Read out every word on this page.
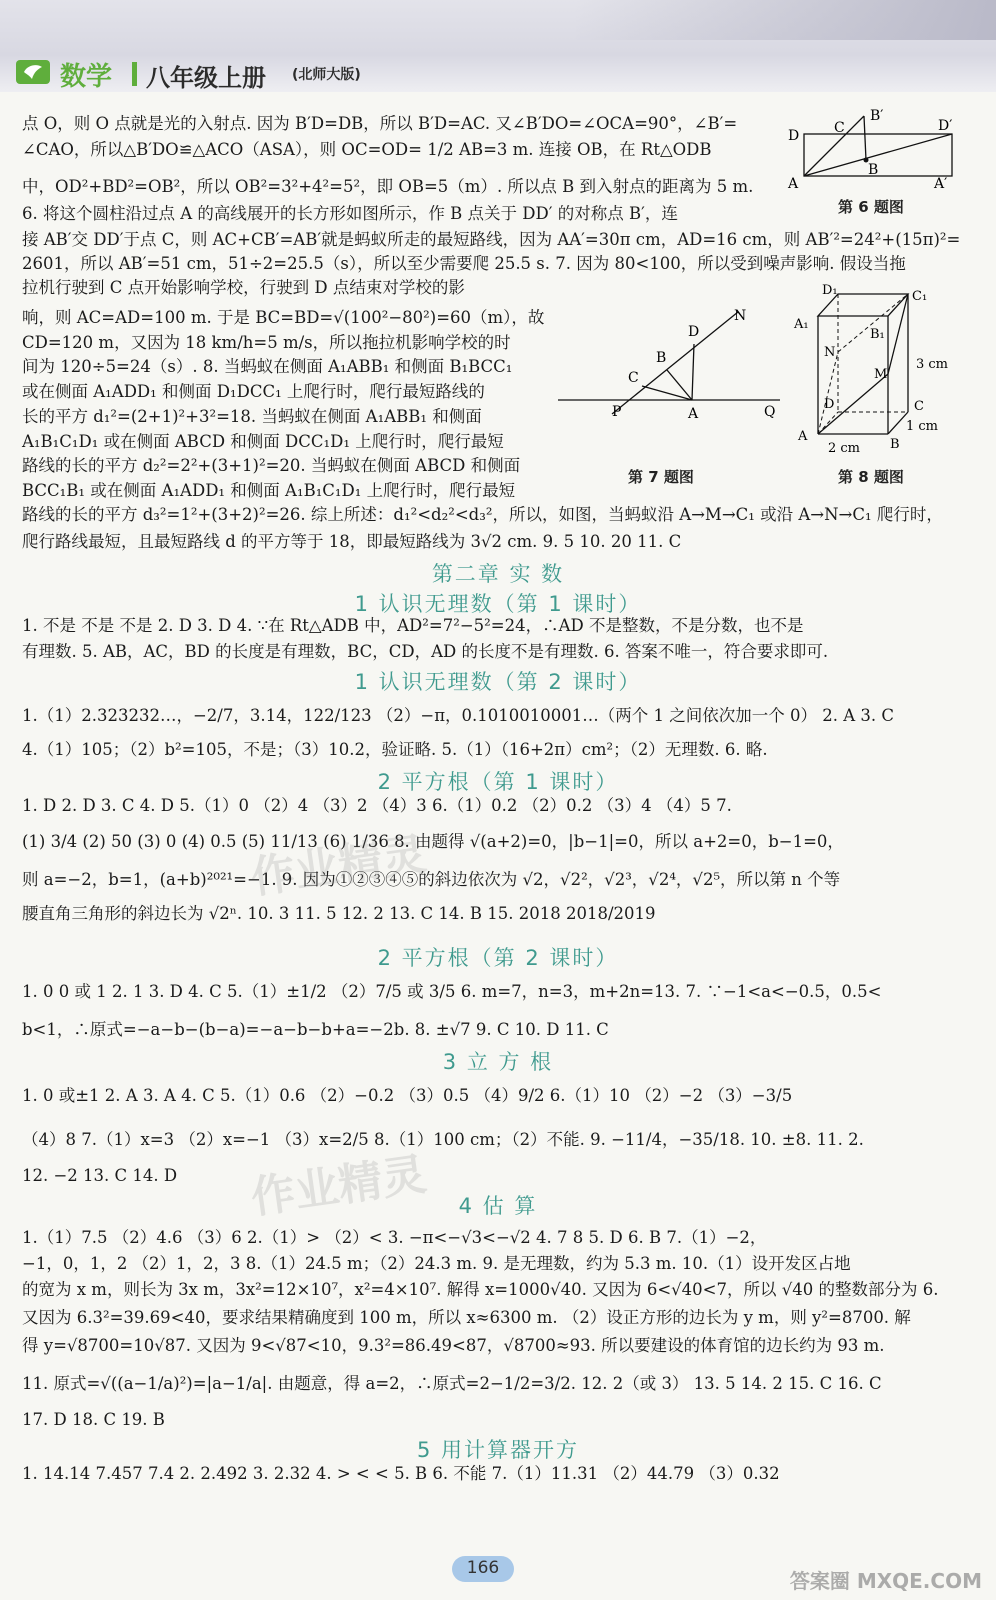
数学 八年级上册 (北师大版)
点 O，则 O 点就是光的入射点. 因为 B′D=DB，所以 B′D=AC. 又∠B′DO=∠OCA=90°，∠B′=
∠CAO，所以△B′DO≌△ACO（ASA），则 OC=OD= 1/2 AB=3 m. 连接 OB，在 Rt△ODB
中，OD²+BD²=OB²，所以 OB²=3²+4²=5²，即 OB=5（m）. 所以点 B 到入射点的距离为 5 m.
6. 将这个圆柱沿过点 A 的高线展开的长方形如图所示，作 B 点关于 DD′ 的对称点 B′，连
接 AB′交 DD′于点 C，则 AC+CB′=AB′就是蚂蚁所走的最短路线，因为 AA′=30π cm，AD=16 cm，则 AB′²=24²+(15π)²=
2601，所以 AB′=51 cm，51÷2=25.5（s），所以至少需要爬 25.5 s. 7. 因为 80<100，所以受到噪声影响. 假设当拖
拉机行驶到 C 点开始影响学校，行驶到 D 点结束对学校的影
响，则 AC=AD=100 m. 于是 BC=BD=√(100²−80²)=60（m），故
CD=120 m，又因为 18 km/h=5 m/s，所以拖拉机影响学校的时
间为 120÷5=24（s）. 8. 当蚂蚁在侧面 A₁ABB₁ 和侧面 B₁BCC₁
或在侧面 A₁ADD₁ 和侧面 D₁DCC₁ 上爬行时，爬行最短路线的
长的平方 d₁²=(2+1)²+3²=18. 当蚂蚁在侧面 A₁ABB₁ 和侧面
A₁B₁C₁D₁ 或在侧面 ABCD 和侧面 DCC₁D₁ 上爬行时，爬行最短
路线的长的平方 d₂²=2²+(3+1)²=20. 当蚂蚁在侧面 ABCD 和侧面
BCC₁B₁ 或在侧面 A₁ADD₁ 和侧面 A₁B₁C₁D₁ 上爬行时，爬行最短
路线的长的平方 d₃²=1²+(3+2)²=26. 综上所述：d₁²<d₂²<d₃²，所以，如图，当蚂蚁沿 A→M→C₁ 或沿 A→N→C₁ 爬行时，
爬行路线最短，且最短路线 d 的平方等于 18，即最短路线为 3√2 cm. 9. 5 10. 20 11. C
D C
B′
B
D′
A	A′
第 6 题图
N
D
B
C
P	A	Q
第 7 题图
D₁	C₁
A₁
B₁
N
M
D	C
A
B
3 cm
2 cm
1 cm
第 8 题图
第二章 实 数
1 认识无理数（第 1 课时）
1. 不是 不是 不是 2. D 3. D 4. ∵在 Rt△ADB 中，AD²=7²−5²=24，∴AD 不是整数，不是分数，也不是
有理数. 5. AB，AC，BD 的长度是有理数，BC，CD，AD 的长度不是有理数. 6. 答案不唯一，符合要求即可.
1 认识无理数（第 2 课时）
1.（1）2.323232…，−2/7，3.14，122/123 （2）−π，0.1010010001…（两个 1 之间依次加一个 0） 2. A 3. C
4.（1）105；（2）b²=105，不是；（3）10.2，验证略. 5.（1）（16+2π）cm²；（2）无理数. 6. 略.
2 平方根（第 1 课时）
1. D 2. D 3. C 4. D 5.（1）0 （2）4 （3）2 （4）3 6.（1）0.2 （2）0.2 （3）4 （4）5 7.
(1) 3/4 (2) 50 (3) 0 (4) 0.5 (5) 11/13 (6) 1/36 8. 由题得 √(a+2)=0，|b−1|=0，所以 a+2=0，b−1=0，
则 a=−2，b=1，(a+b)²⁰²¹=−1. 9. 因为①②③④⑤的斜边依次为 √2，√2²，√2³，√2⁴，√2⁵，所以第 n 个等
腰直角三角形的斜边长为 √2ⁿ. 10. 3 11. 5 12. 2 13. C 14. B 15. 2018 2018/2019
2 平方根（第 2 课时）
1. 0 0 或 1 2. 1 3. D 4. C 5.（1）±1/2 （2）7/5 或 3/5 6. m=7，n=3，m+2n=13. 7. ∵−1<a<−0.5，0.5<
b<1，∴原式=−a−b−(b−a)=−a−b−b+a=−2b. 8. ±√7 9. C 10. D 11. C
3 立 方 根
1. 0 或±1 2. A 3. A 4. C 5.（1）0.6 （2）−0.2 （3）0.5 （4）9/2 6.（1）10 （2）−2 （3）−3/5
（4）8 7.（1）x=3 （2）x=−1 （3）x=2/5 8.（1）100 cm；（2）不能. 9. −11/4，−35/18. 10. ±8. 11. 2.
12. −2 13. C 14. D
4 估 算
1.（1）7.5 （2）4.6 （3）6 2.（1）> （2）< 3. −π<−√3<−√2 4. 7 8 5. D 6. B 7.（1）−2，
−1，0，1，2 （2）1，2，3 8.（1）24.5 m；（2）24.3 m. 9. 是无理数，约为 5.3 m. 10.（1）设开发区占地
的宽为 x m，则长为 3x m，3x²=12×10⁷，x²=4×10⁷. 解得 x=1000√40. 又因为 6<√40<7，所以 √40 的整数部分为 6.
又因为 6.3²=39.69<40，要求结果精确度到 100 m，所以 x≈6300 m. （2）设正方形的边长为 y m，则 y²=8700. 解
得 y=√8700=10√87. 又因为 9<√87<10，9.3²=86.49<87，√8700≈93. 所以要建设的体育馆的边长约为 93 m.
11. 原式=√((a−1/a)²)=|a−1/a|. 由题意，得 a=2，∴原式=2−1/2=3/2. 12. 2（或 3） 13. 5 14. 2 15. C 16. C
17. D 18. C 19. B
5 用计算器开方
1. 14.14 7.457 7.4 2. 2.492 3. 2.32 4. > < < 5. B 6. 不能 7.（1）11.31 （2）44.79 （3）0.32
作业精灵
作业精灵
166
答案圈 MXQE.COM
